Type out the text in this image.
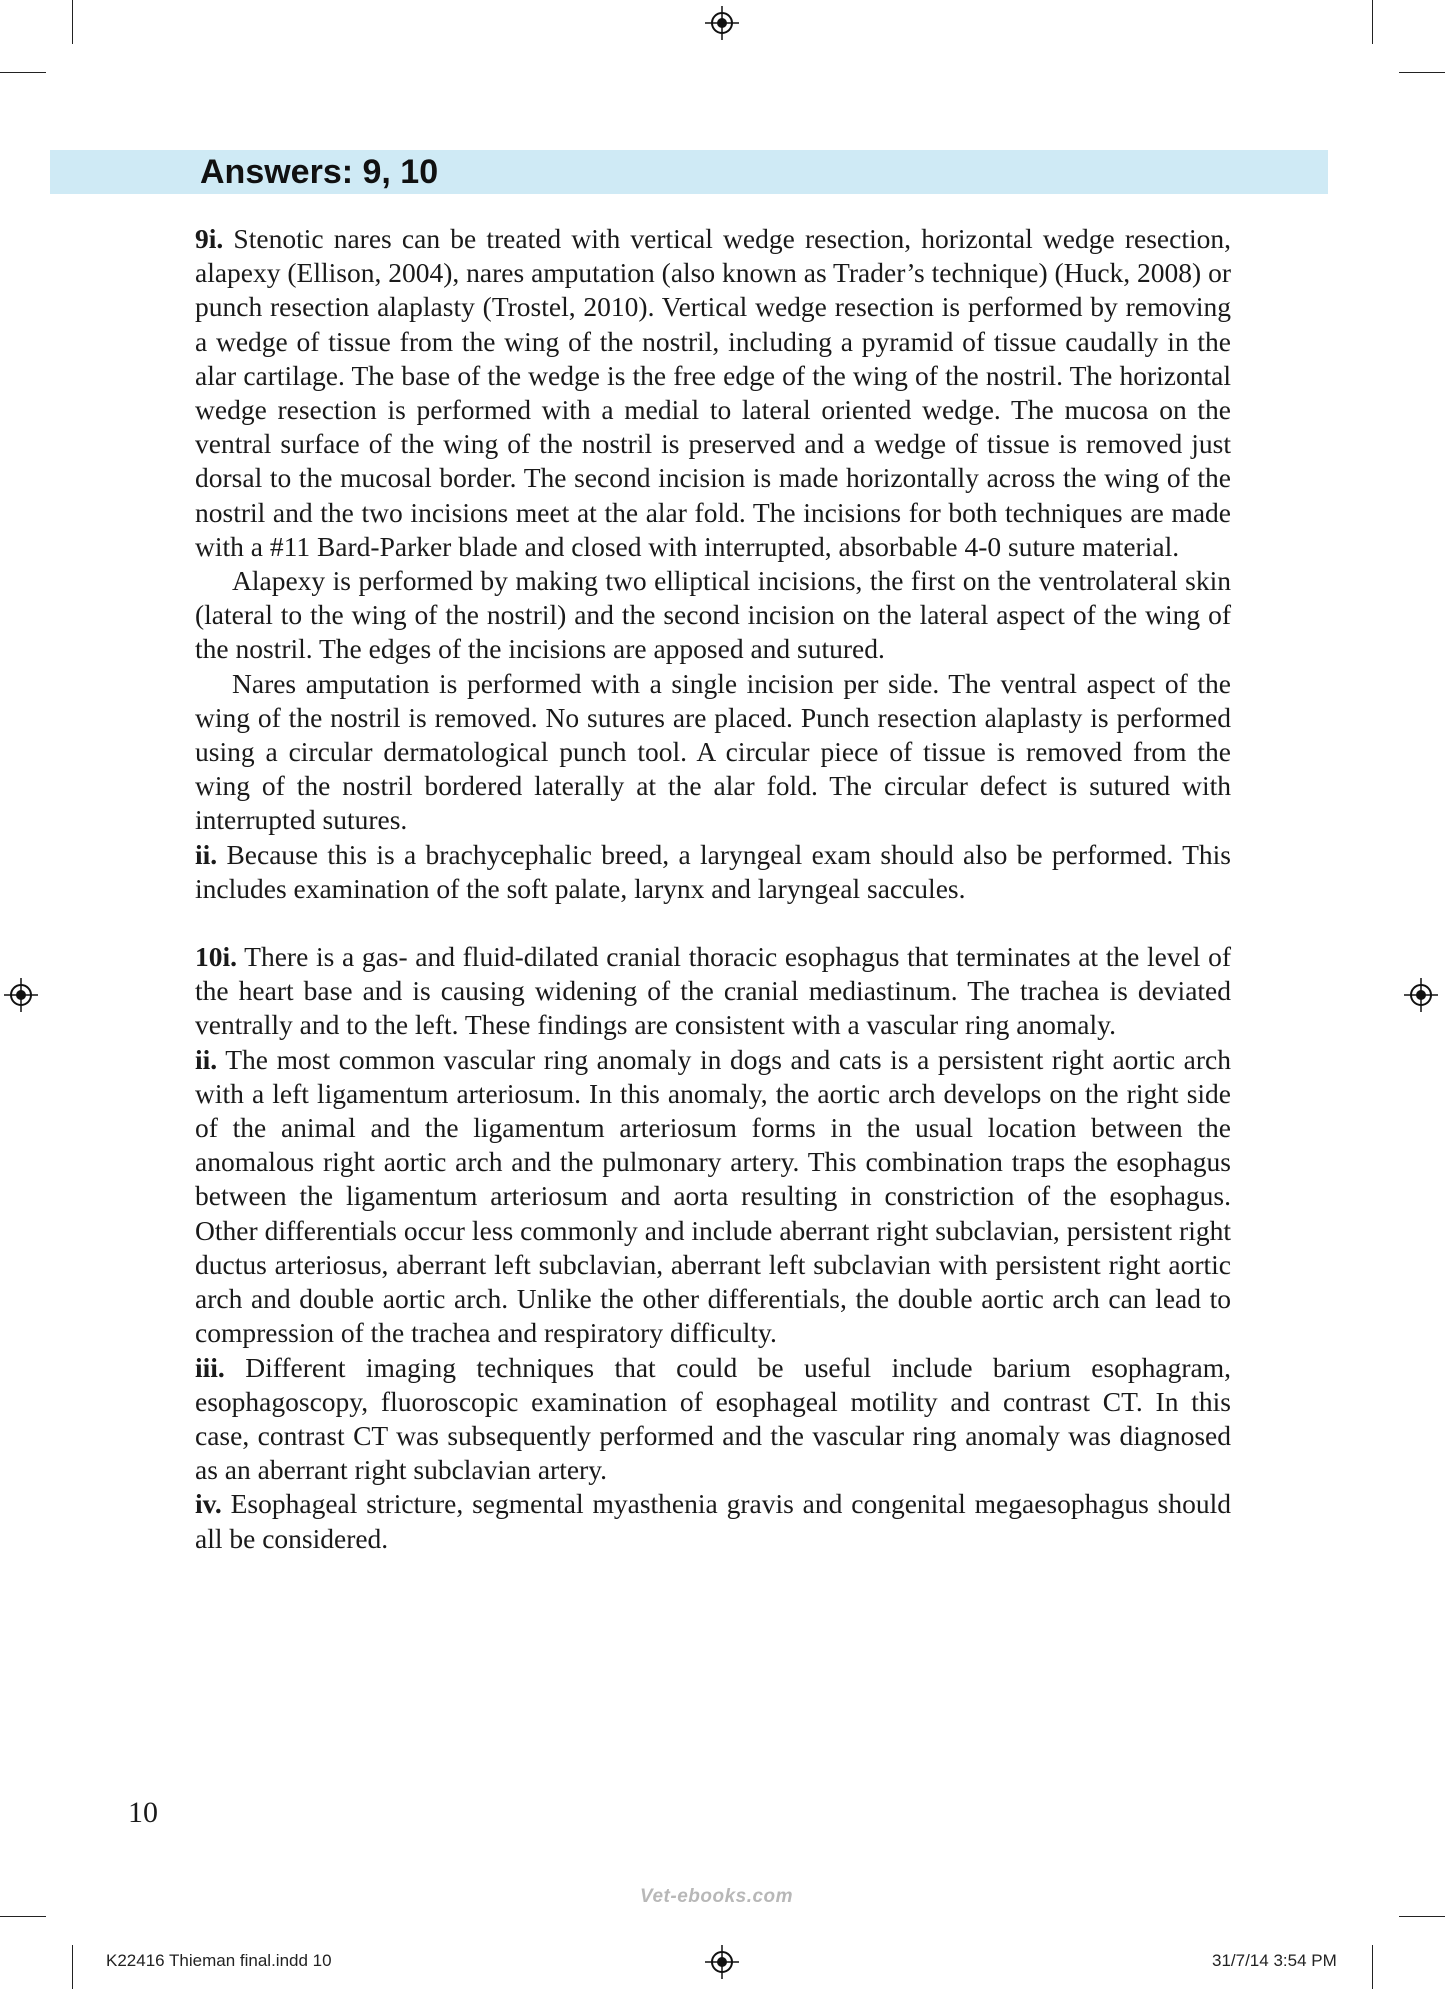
Answers: 9, 10

9i. Stenotic nares can be treated with vertical wedge resection, horizontal wedge resection, alapexy (Ellison, 2004), nares amputation (also known as Trader’s technique) (Huck, 2008) or punch resection alaplasty (Trostel, 2010). Vertical wedge resection is performed by removing a wedge of tissue from the wing of the nostril, including a pyramid of tissue caudally in the alar cartilage. The base of the wedge is the free edge of the wing of the nostril. The horizontal wedge resection is performed with a medial to lateral oriented wedge. The mucosa on the ventral surface of the wing of the nostril is preserved and a wedge of tissue is removed just dorsal to the mucosal border. The second incision is made horizontally across the wing of the nostril and the two incisions meet at the alar fold. The incisions for both techniques are made with a #11 Bard-Parker blade and closed with interrupted, absorbable 4-0 suture material.

Alapexy is performed by making two elliptical incisions, the first on the ventrolateral skin (lateral to the wing of the nostril) and the second incision on the lateral aspect of the wing of the nostril. The edges of the incisions are apposed and sutured.

Nares amputation is performed with a single incision per side. The ventral aspect of the wing of the nostril is removed. No sutures are placed. Punch resection alaplasty is performed using a circular dermatological punch tool. A circular piece of tissue is removed from the wing of the nostril bordered laterally at the alar fold. The circular defect is sutured with interrupted sutures.

ii. Because this is a brachycephalic breed, a laryngeal exam should also be performed. This includes examination of the soft palate, larynx and laryngeal saccules.

10i. There is a gas- and fluid-dilated cranial thoracic esophagus that terminates at the level of the heart base and is causing widening of the cranial mediastinum. The trachea is deviated ventrally and to the left. These findings are consistent with a vascular ring anomaly.

ii. The most common vascular ring anomaly in dogs and cats is a persistent right aortic arch with a left ligamentum arteriosum. In this anomaly, the aortic arch develops on the right side of the animal and the ligamentum arteriosum forms in the usual location between the anomalous right aortic arch and the pulmonary artery. This combination traps the esophagus between the ligamentum arteriosum and aorta resulting in constriction of the esophagus. Other differentials occur less commonly and include aberrant right subclavian, persistent right ductus arteriosus, aberrant left subclavian, aberrant left subclavian with persistent right aortic arch and double aortic arch. Unlike the other differentials, the double aortic arch can lead to compression of the trachea and respiratory difficulty.

iii. Different imaging techniques that could be useful include barium esophagram, esophagoscopy, fluoroscopic examination of esophageal motility and contrast CT. In this case, contrast CT was subsequently performed and the vascular ring anomaly was diagnosed as an aberrant right subclavian artery.

iv. Esophageal stricture, segmental myasthenia gravis and congenital megaesophagus should all be considered.

10

Vet-ebooks.com
K22416 Thieman final.indd 10	31/7/14 3:54 PM
